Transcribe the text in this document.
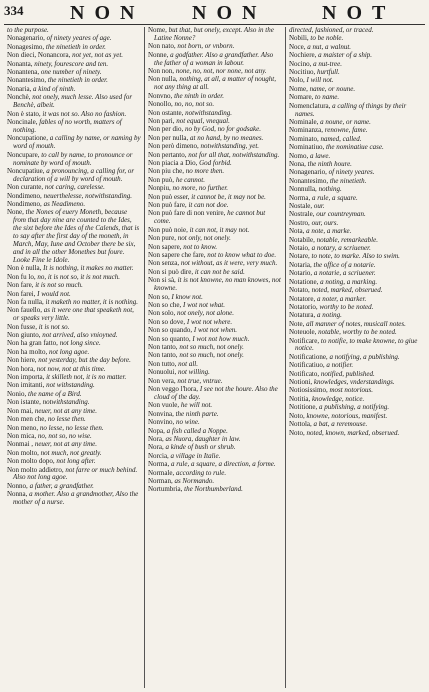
334 NON NON	NOT

to the purpose.

Nonagenario, of ninety yeares of age.

Nonagesimo, the ninetieth in order.

Non dieci, Nonancora, not yet, not as yet.

Nonanta, ninety, fourescore and ten.

Nonantena, one number of ninety.

Nonantesimo, the ninetieth in order.

Nonaria, a kind of ninth.

Nonchè, not onely, much lesse. Also used for Benchè, albeit.

Non è stato, it was not so. Also no fashion.

Noncinale, fables of no worth, matters of nothing.

Noncupatione, a calling by name, or naming by word of mouth.

Noncupare, to call by name, to pronounce or nominate by word of mouth.

Noncupatiue, a pronouncing, a calling for, or declaration of a will by word of mouth.

Non curante, not caring, carelesse.

Nondimeno, neuerthelesse, notwithstanding.

Nondimeno, as Neadimeno.

None, the Nones of euery Moneth, because from that day nine are counted to the Ides, the sixt before the Ides of the Calends, that is to say after the first day of the moneth, in March, May, Iune and October there be six, and in all the other Monethes but foure. Looke Fine le Idole.

Non è nulla, It is nothing, it makes no matter.

Non fu lo, no, it is not so, it is not much.

Non fare, it is not so much.

Non farei, I would not.

Non fa nulla, it maketh no matter, it is nothing.

Non fauello, as it were one that speaketh not, or speaks very little.

Non fusse, it is not so.

Non giunto, not arrived, also vnioyned.

Non ha gran fatto, not long since.

Non ha molto, not long agoe.

Non hiere, not yesterday, but the day before.

Non hora, not now, not at this time.

Non importa, it skilleth not, it is no matter.

Non imitanti, not withstanding.

Nonio, the name of a Bird.

Non istante, notwithstanding.

Non mai, neuer, not at any time.

Non men che, no lesse then.

Non meno, no lesse, no lesse then.

Non mica, no, not so, no wise.

Nonmai , neuer, not at any time.

Non molto, not much, not greatly.

Non molto dopo, not long after.

Non molto addietro, not farre or much behind. Also not long agoe.

Nonno, a father, a grandfather.

Nonna, a mother. Also a grandmother, Also the mother of a nurse.

Nome, but that, but onely, except. Also in the Latine Nonne?

Non nato, not born, or vnborn.

Nonne, a godfather. Also a grandfather. Also the father of a woman in labour.

Non non, none, no, not, nor none, not any.

Non nulla, nothing, at all, a matter of nought, not any thing at all.

Nonvno, the ninth in order.

Nonollo, no, no, not so.

Non ostante, notwithstanding.

Non pari, not equal, vnequal.

Non per dio, no by God, no for godsake.

Non per nulla, at no hand, by no meanes.

Non però dimeno, notwithstanding, yet.

Non pertanto, not for all that, notwithstanding.

Non piacia a Dio, God forbid.

Non piu che, no more then.

Non può, he cannot.

Nonpiu, no more, no further.

Non può esser, it cannot be, it may not be.

Non può fare, it can not doe.

Non può fare di non venire, he cannot but come.

Non può noie, it can not, it may not.

Non pure, not only, not onely.

Non sapere, not to know.

Non sapere che fare, not to know what to doe.

Non senza, not without, as it were, very much.

Non si può dire, it can not be said.

Non si sà, it is not knowne, no man knowes, not knowne.

Non so, I know not.

Non so che, I wot not what.

Non solo, not onely, not alone.

Non so dove, I wot not where.

Non so quando, I wot not when.

Non so quanto, I wot not how much.

Non tanto, not so much, not onely.

Non tanto, not so much, not onely.

Non tutto, not all.

Nonuolui, not willing.

Non vera, not true, vntrue.

Non veggo l'hora, I see not the houre. Also the cloud of the day.

Non vuole, he will not.

Nonvina, the ninth parte.

Nonvino, no wine.

Nopa, a fish called a Noppe.

Nora, as Nuora, daughter in law.

Nora, a kinde of bush or shrub.

Norcia, a village in Italie.

Norma, a rule, a square, a direction, a forme.

Normale, according to rule.

Norman, as Normando.

Nortumbria, the Northumberland.

directed, fashioned, or traced.

Nobili, to be noble.

Noce, a nut, a walnut.

Nochiere, a maister of a ship.

Nocino, a nut-tree.

Nocitiuo, hurtfull.

Nolo, I will not.

Nome, name, or noune.

Nomare, to name.

Nomenclatura, a calling of things by their names.

Nominale, a noune, or name.

Nominanza, renowne, fame.

Nominato, named, called.

Nominatiuo, the nominatiue case.

Nomo, a lawe.

Nona, the ninth houre.

Nonagenario, of ninety yeares.

Nonantesimo, the ninetieth.

Nonnulla, nothing.

Norma, a rule, a square.

Nostale, our.

Nostrale, our countreyman.

Nostro, our, ours.

Nota, a note, a marke.

Notabile, notable, remarkeable.

Notaio, a notary, a scriuener.

Notare, to note, to marke. Also to swim.

Notaria, the office of a notarie.

Notario, a notarie, a scriuener.

Notatione, a noting, a marking.

Notato, noted, marked, obserued.

Notatore, a noter, a marker.

Notatorio, worthy to be noted.

Notatura, a noting.

Note, all manner of notes, musicall notes.

Noteuole, notable, worthy to be noted.

Notificare, to notifie, to make knowne, to giue notice.

Notificatione, a notifying, a publishing.

Notificatiuo, a notifier.

Notificato, notified, published.

Notioni, knowledges, vnderstandings.

Notiosissimo, most notorious.

Notitia, knowledge, notice.

Notitione, a publishing, a notifying.

Noto, knowne, notorious, manifest.

Nottola, a bat, a reremouse.

Noto, noted, known, marked, obserued.
